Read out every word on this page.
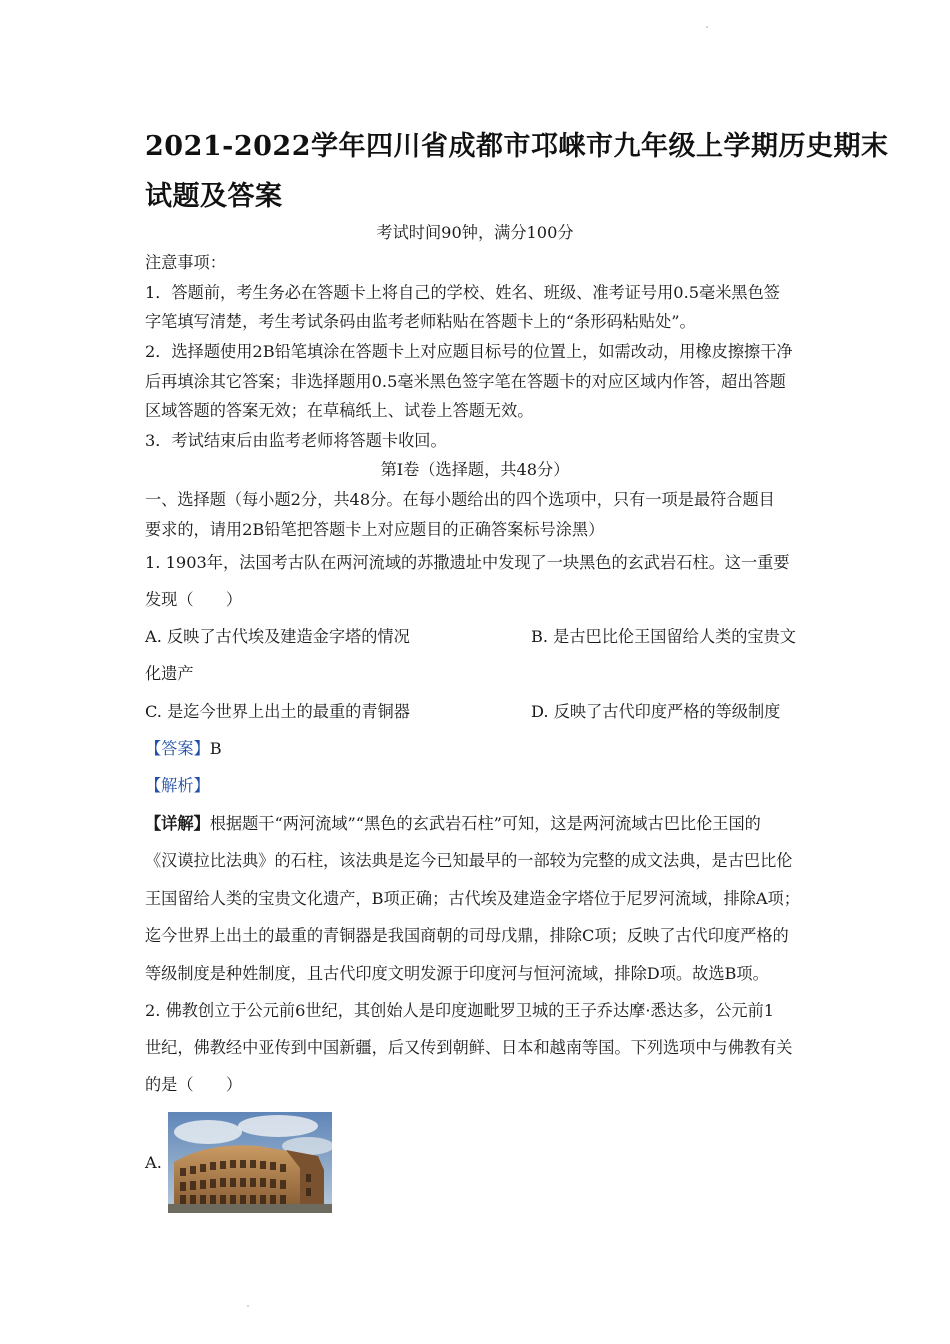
2021-2022学年四川省成都市邛崃市九年级上学期历史期末
试题及答案
考试时间90钟，满分100分
注意事项：
1．答题前，考生务必在答题卡上将自己的学校、姓名、班级、准考证号用0.5毫米黑色签
字笔填写清楚，考生考试条码由监考老师粘贴在答题卡上的“条形码粘贴处”。
2．选择题使用2B铅笔填涂在答题卡上对应题目标号的位置上，如需改动，用橡皮擦擦干净
后再填涂其它答案；非选择题用0.5毫米黑色签字笔在答题卡的对应区域内作答，超出答题
区域答题的答案无效；在草稿纸上、试卷上答题无效。
3．考试结束后由监考老师将答题卡收回。
第Ⅰ卷（选择题，共48分）
一、选择题（每小题2分，共48分。在每小题给出的四个选项中，只有一项是最符合题目
要求的，请用2B铅笔把答题卡上对应题目的正确答案标号涂黑）
1. 1903年，法国考古队在两河流域的苏撒遗址中发现了一块黑色的玄武岩石柱。这一重要
发现（　　）
A. 反映了古代埃及建造金字塔的情况	B. 是古巴比伦王国留给人类的宝贵文
化遗产
C. 是迄今世界上出土的最重的青铜器	D. 反映了古代印度严格的等级制度
【答案】B
【解析】
【详解】根据题干“两河流域”“黑色的玄武岩石柱”可知，这是两河流域古巴比伦王国的
《汉谟拉比法典》的石柱，该法典是迄今已知最早的一部较为完整的成文法典，是古巴比伦
王国留给人类的宝贵文化遗产，B项正确；古代埃及建造金字塔位于尼罗河流域，排除A项；
迄今世界上出土的最重的青铜器是我国商朝的司母戊鼎，排除C项；反映了古代印度严格的
等级制度是种姓制度，且古代印度文明发源于印度河与恒河流域，排除D项。故选B项。
2. 佛教创立于公元前6世纪，其创始人是印度迦毗罗卫城的王子乔达摩·悉达多，公元前1
世纪，佛教经中亚传到中国新疆，后又传到朝鲜、日本和越南等国。下列选项中与佛教有关
的是（　　）
A.
